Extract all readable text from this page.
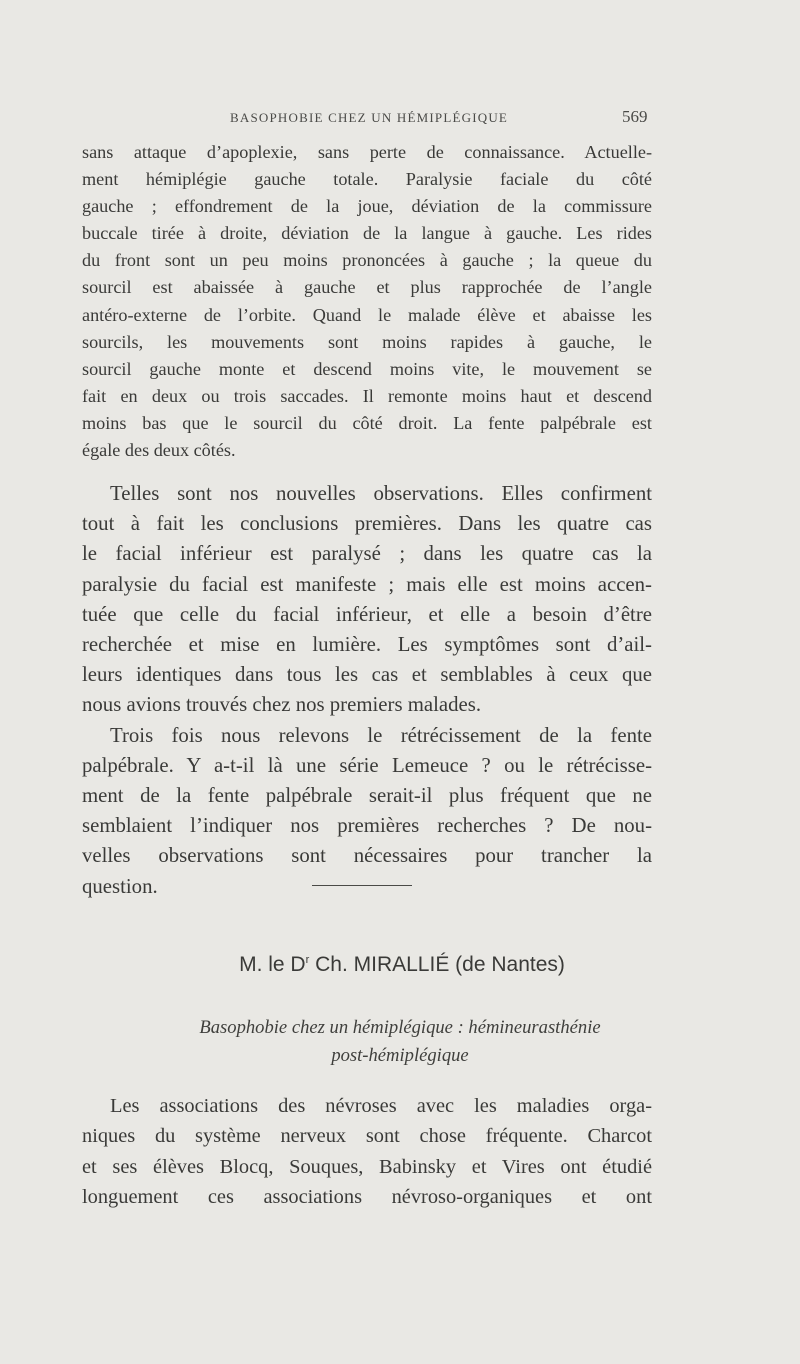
BASOPHOBIE CHEZ UN HÉMIPLÉGIQUE	569

sans attaque d’apoplexie, sans perte de connaissance. Actuelle-
ment hémiplégie gauche totale. Paralysie faciale du côté
gauche ; effondrement de la joue, déviation de la commissure
buccale tirée à droite, déviation de la langue à gauche. Les rides
du front sont un peu moins prononcées à gauche ; la queue du
sourcil est abaissée à gauche et plus rapprochée de l’angle
antéro-externe de l’orbite. Quand le malade élève et abaisse les
sourcils, les mouvements sont moins rapides à gauche, le
sourcil gauche monte et descend moins vite, le mouvement se
fait en deux ou trois saccades. Il remonte moins haut et descend
moins bas que le sourcil du côté droit. La fente palpébrale est
égale des deux côtés.

Telles sont nos nouvelles observations. Elles confirment
tout à fait les conclusions premières. Dans les quatre cas
le facial inférieur est paralysé ; dans les quatre cas la
paralysie du facial est manifeste ; mais elle est moins accen-
tuée que celle du facial inférieur, et elle a besoin d’être
recherchée et mise en lumière. Les symptômes sont d’ail-
leurs identiques dans tous les cas et semblables à ceux que
nous avions trouvés chez nos premiers malades.

Trois fois nous relevons le rétrécissement de la fente
palpébrale. Y a-t-il là une série Lemeuce ? ou le rétrécisse-
ment de la fente palpébrale serait-il plus fréquent que ne
semblaient l’indiquer nos premières recherches ? De nou-
velles observations sont nécessaires pour trancher la
question.

M. le $D^r$ Ch. MIRALLIÉ (de Nantes)
Basophobie chez un hémiplégique : hémineurasthénie
post-hémiplégique

Les associations des névroses avec les maladies orga-
niques du système nerveux sont chose fréquente. Charcot
et ses élèves Blocq, Souques, Babinsky et Vires ont étudié
longuement ces associations névroso-organiques et ont
